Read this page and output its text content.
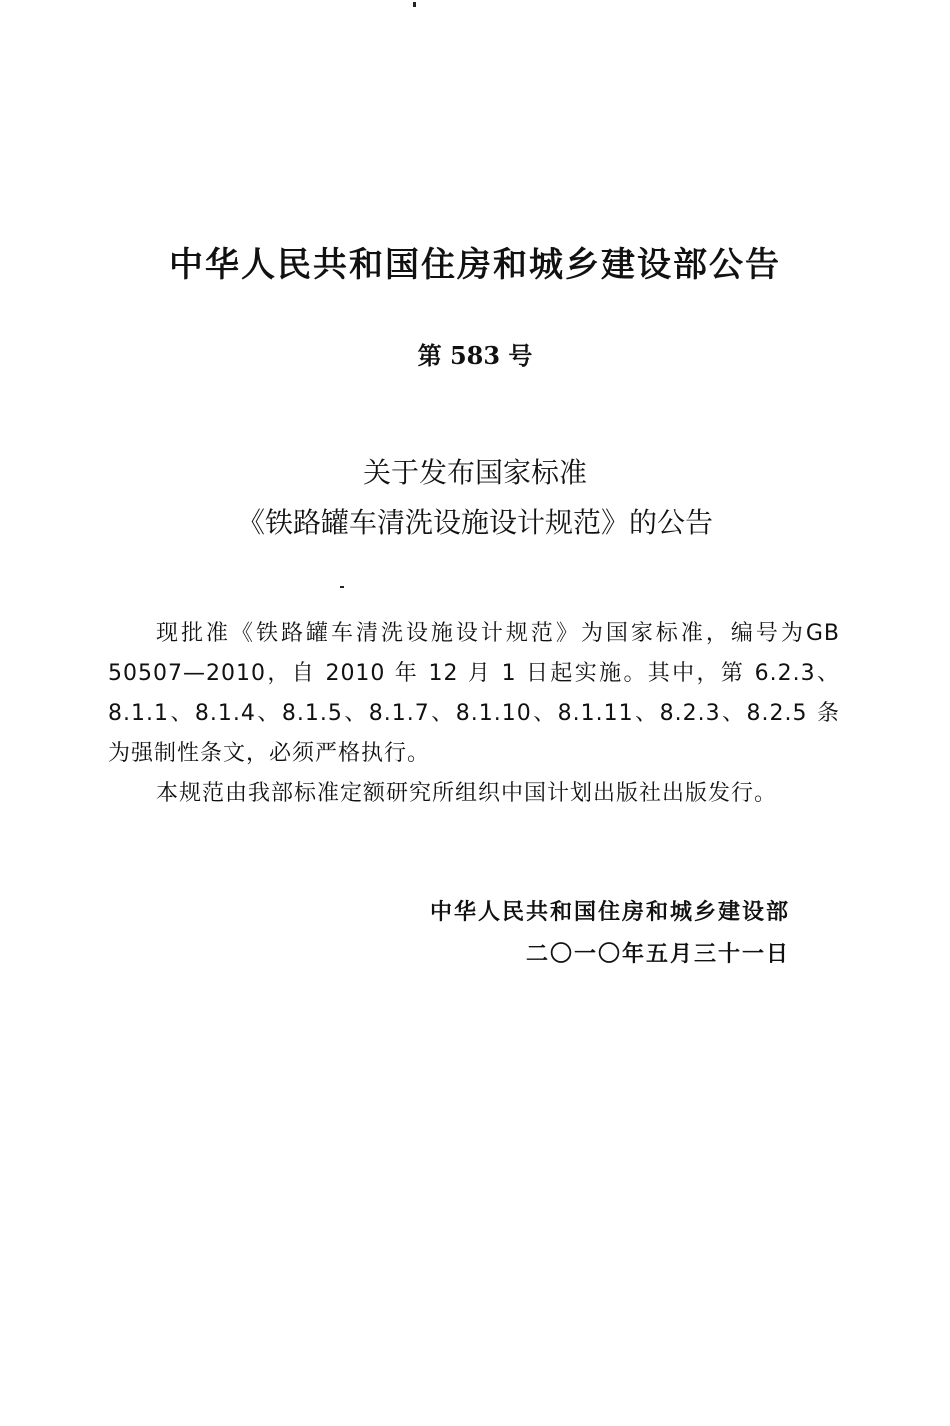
中华人民共和国住房和城乡建设部公告
第 583 号
关于发布国家标准
《铁路罐车清洗设施设计规范》的公告

现批准《铁路罐车清洗设施设计规范》为国家标准，编号为GB 50507—2010，自 2010 年 12 月 1 日起实施。其中，第 6.2.3、8.1.1、8.1.4、8.1.5、8.1.7、8.1.10、8.1.11、8.2.3、8.2.5 条为强制性条文，必须严格执行。

本规范由我部标准定额研究所组织中国计划出版社出版发行。

中华人民共和国住房和城乡建设部
二〇一〇年五月三十一日
